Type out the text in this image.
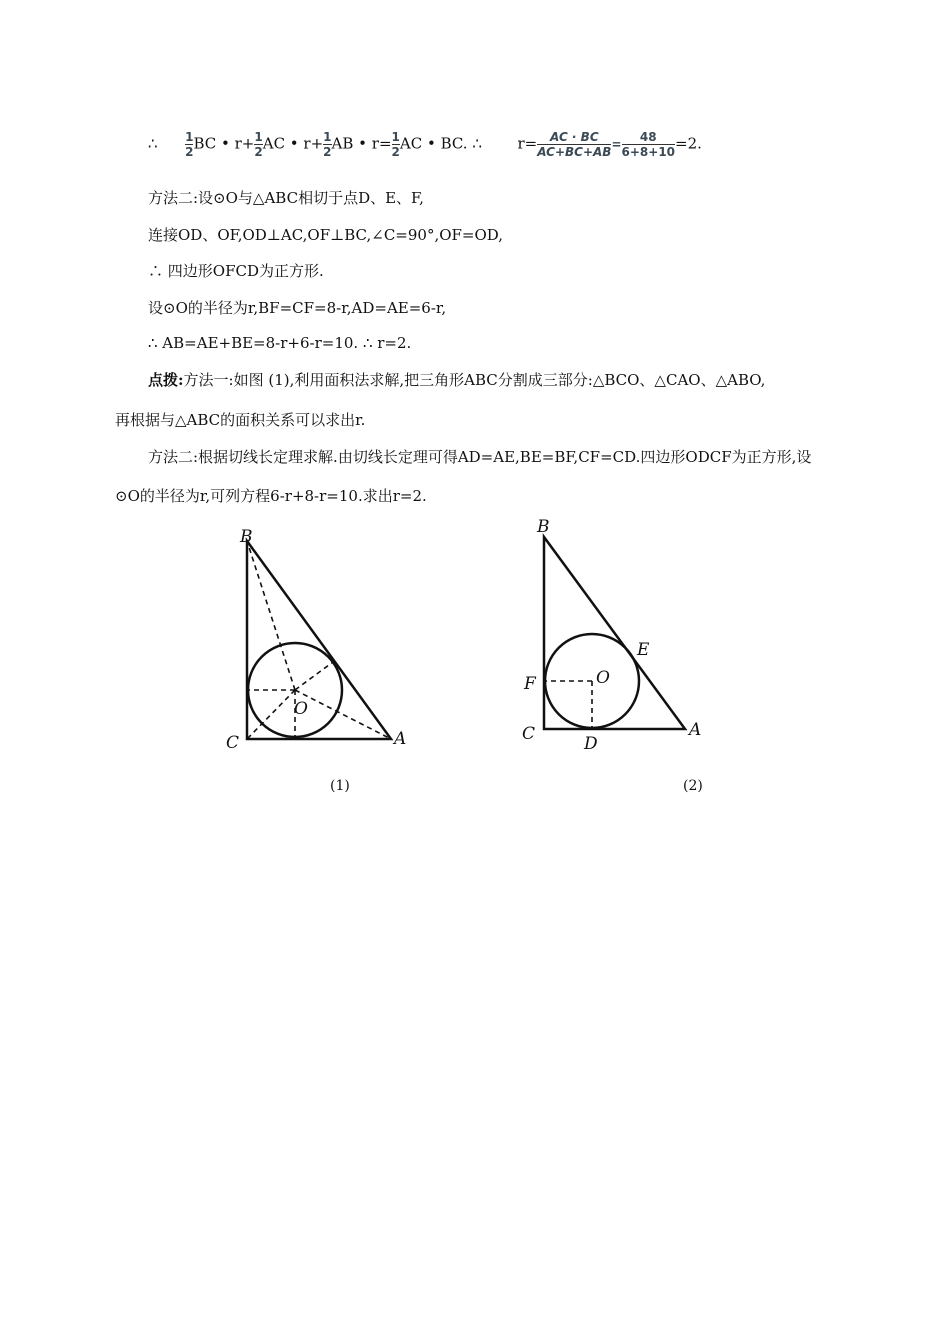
∴ $\frac{1}{2}$ BC • $r+ \frac{1}{2}$ AC • $r+ \frac{1}{2}$ AB • $r= \frac{1}{2}$ AC • BC. ∴ $r= \frac{AC \cdot BC}{AC+BC+AB} = \frac{48}{6+8+10} =2$.
方法二:设⊙O与△ABC相切于点D、E、F,
连接OD、OF,OD⊥AC,OF⊥BC,∠C=90°,OF=OD,
∴ 四边形OFCD为正方形.
设⊙O的半径为r,BF=CF=8-r,AD=AE=6-r,
∴ AB=AE+BE=8-r+6-r=10. ∴ r=2.
点拨:方法一:如图 (1),利用面积法求解,把三角形ABC分割成三部分:△BCO、△CAO、△ABO,
再根据与△ABC的面积关系可以求出r.
方法二:根据切线长定理求解.由切线长定理可得AD=AE,BE=BF,CF=CD.四边形ODCF为正方形,设
⊙O的半径为r,可列方程6-r+8-r=10.求出r=2.
B
C	A
O
(1)
B
E
F	O
C	D
A
(2)
